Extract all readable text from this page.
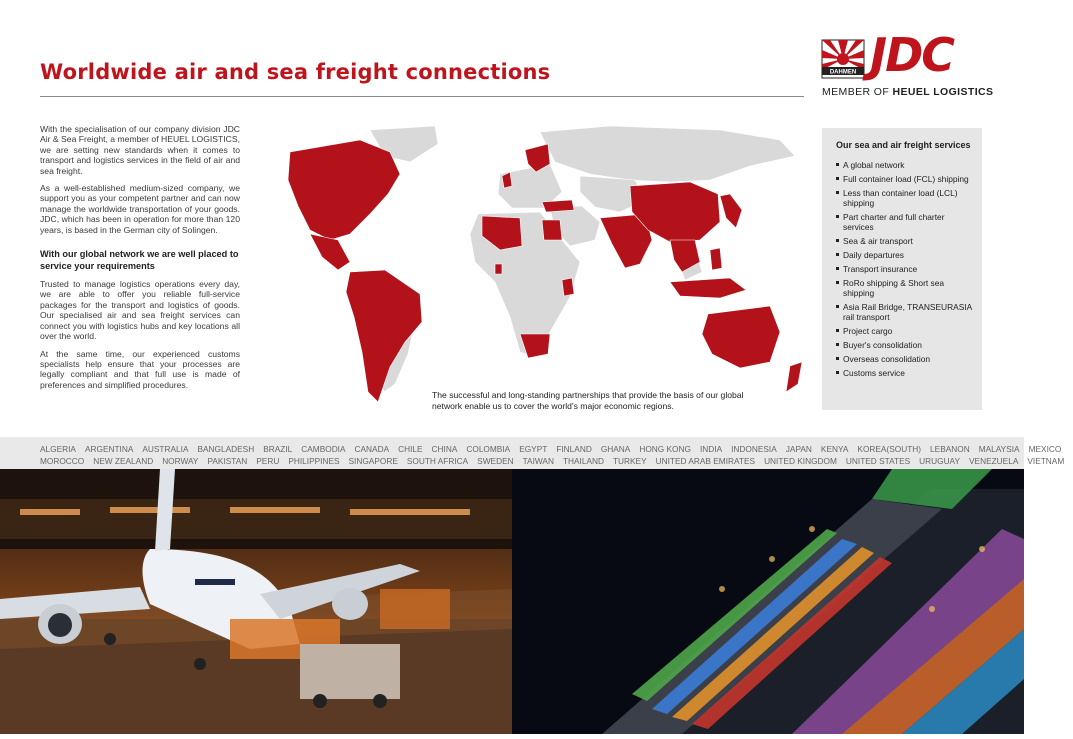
Worldwide air and sea freight connections	DAHMEN JDC
MEMBER OF HEUEL LOGISTICS

With the specialisation of our company division JDC Air & Sea Freight, a member of HEUEL LOGISTICS, we are setting new standards when it comes to transport and logistics services in the field of air and sea freight.

As a well-established medium-sized company, we support you as your competent partner and can now manage the worldwide transportation of your goods. JDC, which has been in operation for more than 120 years, is based in the German city of Solingen.

With our global network we are well placed to service your requirements

Trusted to manage logistics operations every day, we are able to offer you reliable full-service packages for the transport and logistics of goods. Our specialised air and sea freight services can connect you with logistics hubs and key locations all over the world.

At the same time, our experienced customs specialists help ensure that your processes are legally compliant and that full use is made of preferences and simplified procedures.

The successful and long-standing partnerships that provide the basis of our global network enable us to cover the world's major economic regions.
Our sea and air freight services
A global network
Full container load (FCL) shipping
Less than container load (LCL) shipping
Part charter and full charter services
Sea & air transport
Daily departures
Transport insurance
RoRo shipping & Short sea shipping
Asia Rail Bridge, TRANSEURASIA rail transport
Project cargo
Buyer's consolidation
Overseas consolidation
Customs service
ALGERIA ARGENTINA AUSTRALIA BANGLADESH BRAZIL CAMBODIA CANADA CHILE CHINA COLOMBIA EGYPT FINLAND GHANA HONG KONG INDIA INDONESIA JAPAN KENYA KOREA(SOUTH) LEBANON MALAYSIA MEXICO
MOROCCO NEW ZEALAND NORWAY PAKISTAN PERU PHILIPPINES SINGAPORE SOUTH AFRICA SWEDEN TAIWAN THAILAND TURKEY UNITED ARAB EMIRATES UNITED KINGDOM UNITED STATES URUGUAY VENEZUELA VIETNAM
